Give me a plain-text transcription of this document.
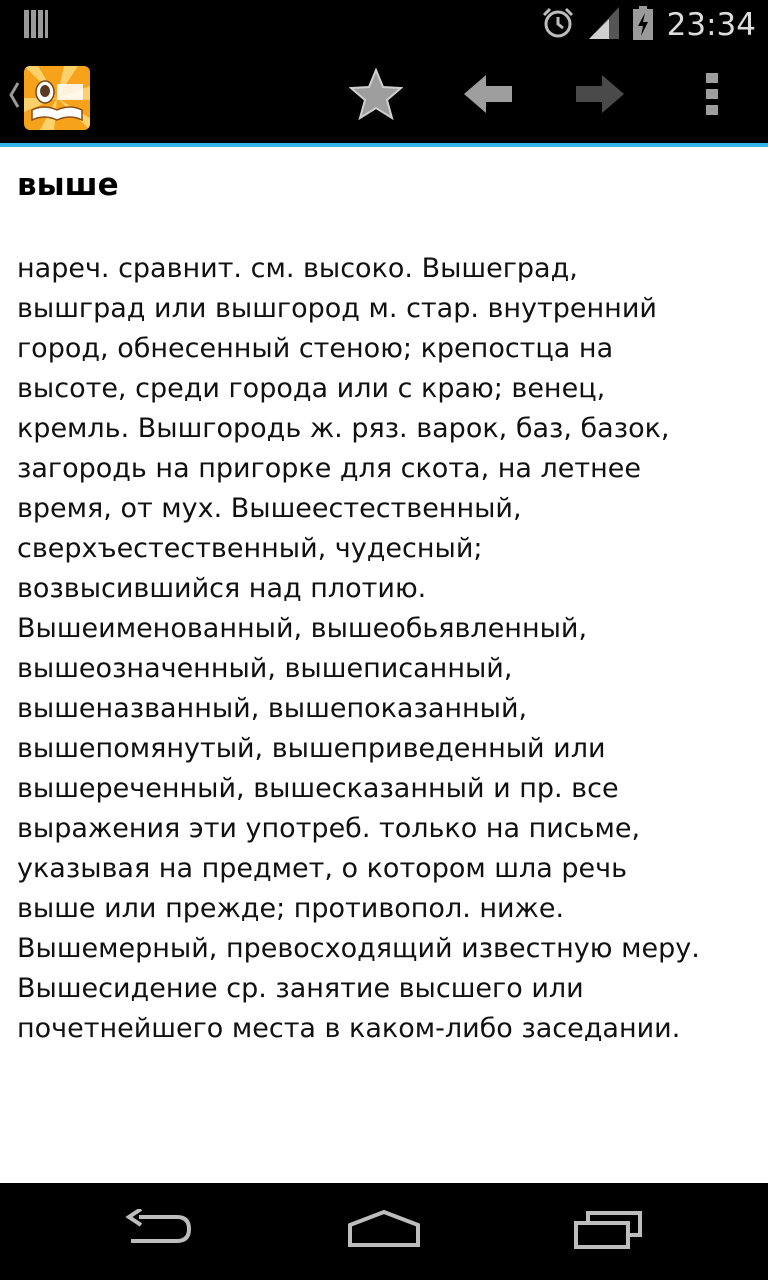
23:34
выше

нареч. сравнит. см. высоко. Вышеград,
вышград или вышгород м. стар. внутренний
город, обнесенный стеною; крепостца на
высоте, среди города или с краю; венец,
кремль. Вышгородь ж. ряз. варок, баз, базок,
загородь на пригорке для скота, на летнее
время, от мух. Вышеестественный,
сверхъестественный, чудесный;
возвысившийся над плотию.
Вышеименованный, вышеобьявленный,
вышеозначенный, вышеписанный,
вышеназванный, вышепоказанный,
вышепомянутый, вышеприведенный или
вышереченный, вышесказанный и пр. все
выражения эти употреб. только на письме,
указывая на предмет, о котором шла речь
выше или прежде; противопол. ниже.
Вышемерный, превосходящий известную меру.
Вышесидение ср. занятие высшего или
почетнейшего места в каком-либо заседании.
